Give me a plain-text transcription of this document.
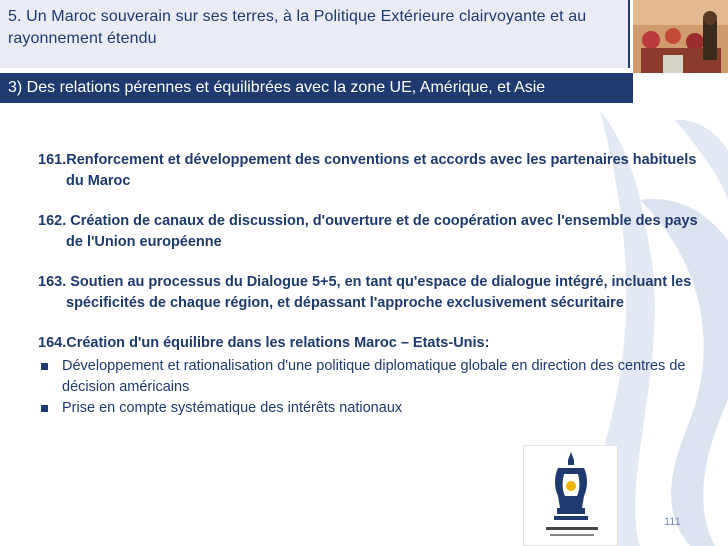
5. Un Maroc souverain sur ses terres, à la Politique Extérieure clairvoyante et au rayonnement étendu
3) Des relations pérennes et équilibrées avec la zone UE, Amérique, et Asie
161.Renforcement et développement des conventions et accords avec les partenaires habituels du Maroc
162. Création de canaux de discussion, d'ouverture et de coopération avec l'ensemble des pays de l'Union européenne
163. Soutien au processus du Dialogue 5+5, en tant qu'espace de dialogue intégré, incluant les spécificités de chaque région, et dépassant l'approche exclusivement sécuritaire
164.Création d'un équilibre dans les relations Maroc – Etats-Unis:
Développement et rationalisation d'une politique diplomatique globale en direction des centres de décision américains
Prise en compte systématique des intérêts nationaux
111
